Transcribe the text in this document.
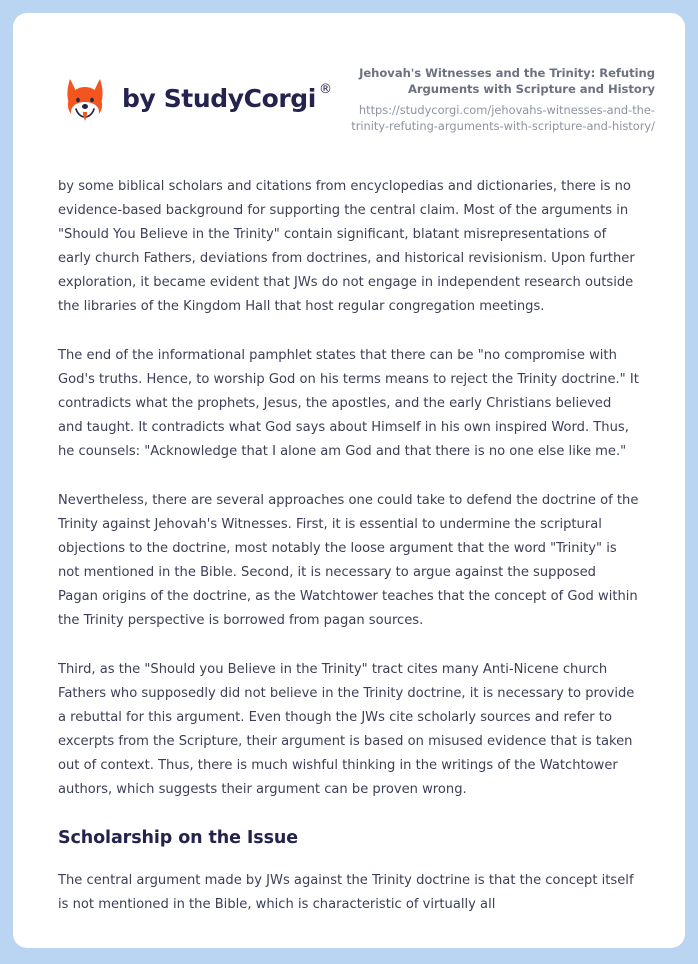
by StudyCorgi ®
Jehovah's Witnesses and the Trinity: Refuting Arguments with Scripture and History
https://studycorgi.com/jehovahs-witnesses-and-the-trinity-refuting-arguments-with-scripture-and-history/

by some biblical scholars and citations from encyclopedias and dictionaries, there is no evidence-based background for supporting the central claim. Most of the arguments in "Should You Believe in the Trinity" contain significant, blatant misrepresentations of early church Fathers, deviations from doctrines, and historical revisionism. Upon further exploration, it became evident that JWs do not engage in independent research outside the libraries of the Kingdom Hall that host regular congregation meetings.

The end of the informational pamphlet states that there can be "no compromise with God's truths. Hence, to worship God on his terms means to reject the Trinity doctrine." It contradicts what the prophets, Jesus, the apostles, and the early Christians believed and taught. It contradicts what God says about Himself in his own inspired Word. Thus, he counsels: "Acknowledge that I alone am God and that there is no one else like me."

Nevertheless, there are several approaches one could take to defend the doctrine of the Trinity against Jehovah's Witnesses. First, it is essential to undermine the scriptural objections to the doctrine, most notably the loose argument that the word "Trinity" is not mentioned in the Bible. Second, it is necessary to argue against the supposed Pagan origins of the doctrine, as the Watchtower teaches that the concept of God within the Trinity perspective is borrowed from pagan sources.

Third, as the "Should you Believe in the Trinity" tract cites many Anti-Nicene church Fathers who supposedly did not believe in the Trinity doctrine, it is necessary to provide a rebuttal for this argument. Even though the JWs cite scholarly sources and refer to excerpts from the Scripture, their argument is based on misused evidence that is taken out of context. Thus, there is much wishful thinking in the writings of the Watchtower authors, which suggests their argument can be proven wrong.

Scholarship on the Issue

The central argument made by JWs against the Trinity doctrine is that the concept itself is not mentioned in the Bible, which is characteristic of virtually all
